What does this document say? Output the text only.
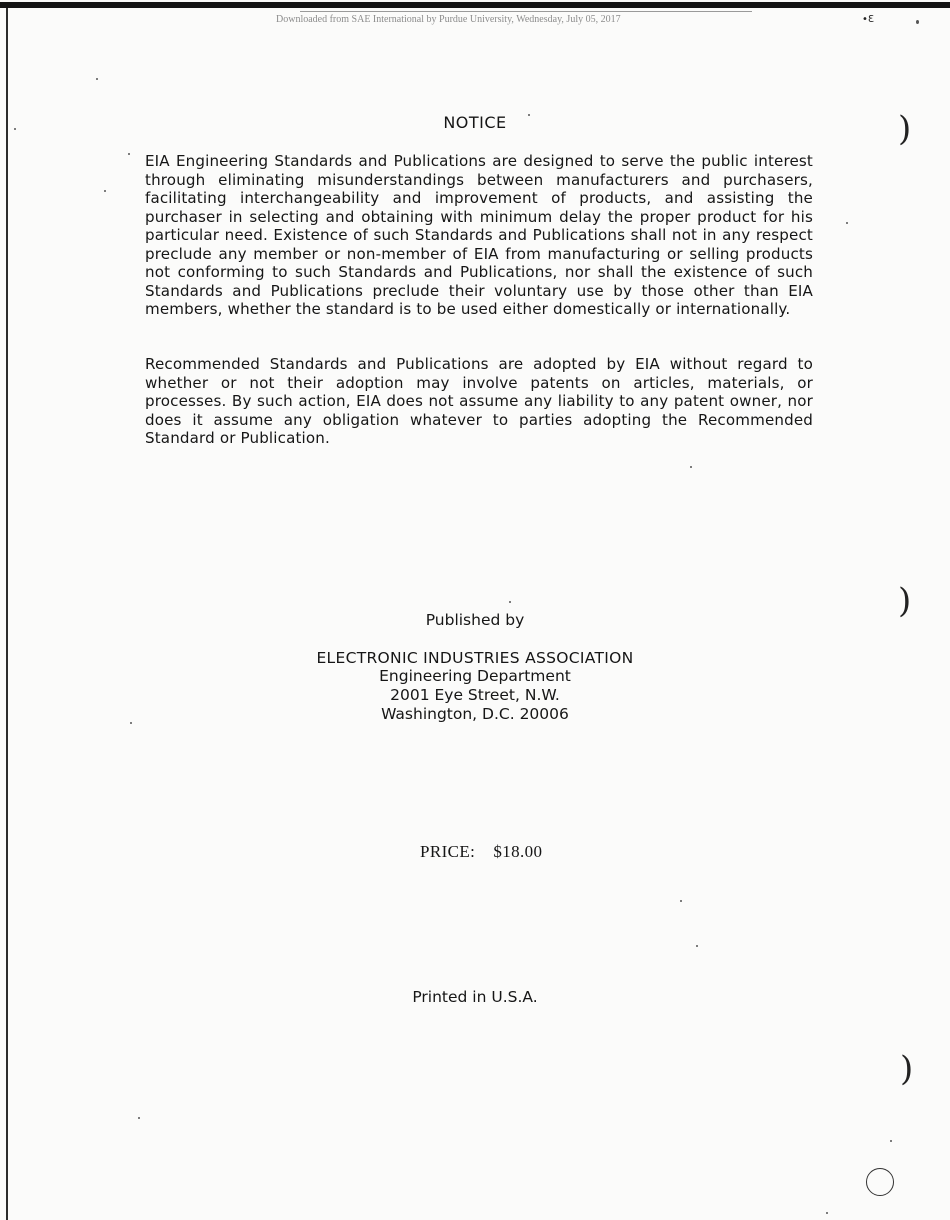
Downloaded from SAE International by Purdue University, Wednesday, July 05, 2017	•Ɛ
NOTICE

EIA Engineering Standards and Publications are designed to serve the public interest through eliminating misunderstandings between manufacturers and purchasers, facilitating interchangeability and improvement of products, and assisting the purchaser in selecting and obtaining with minimum delay the proper product for his particular need. Existence of such Standards and Publications shall not in any respect preclude any member or non-member of EIA from manufacturing or selling products not conforming to such Standards and Publications, nor shall the existence of such Standards and Publications preclude their voluntary use by those other than EIA members, whether the standard is to be used either domestically or internationally.

Recommended Standards and Publications are adopted by EIA without regard to whether or not their adoption may involve patents on articles, materials, or processes. By such action, EIA does not assume any liability to any patent owner, nor does it assume any obligation whatever to parties adopting the Recommended Standard or Publication.

Published by
ELECTRONIC INDUSTRIES ASSOCIATION
Engineering Department
2001 Eye Street, N.W.
Washington, D.C. 20006
PRICE: $18.00
Printed in U.S.A.
)
)
)
